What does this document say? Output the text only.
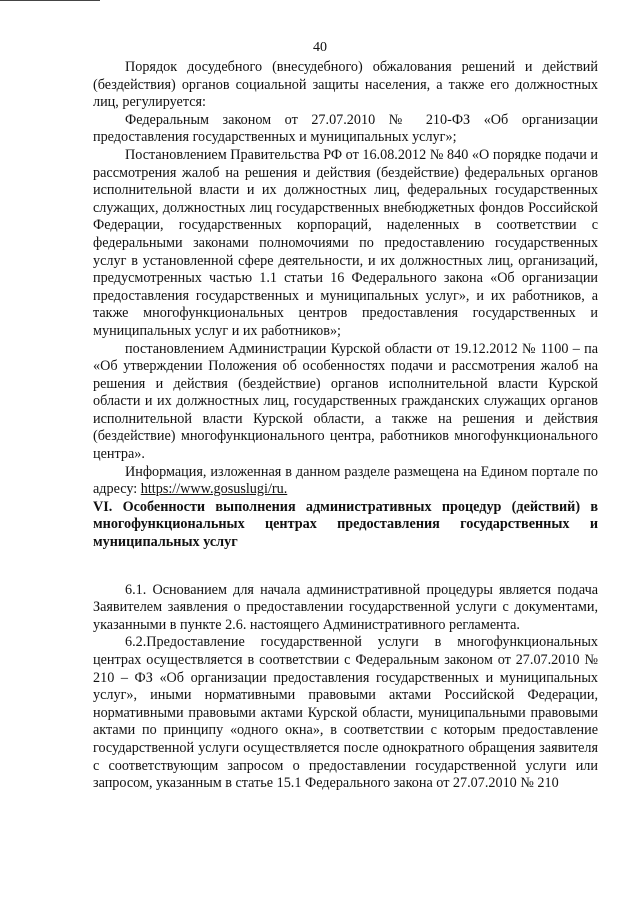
40

Порядок досудебного (внесудебного) обжалования решений и действий (бездействия) органов социальной защиты населения, а также его должностных лиц, регулируется:

Федеральным законом от 27.07.2010 № 210-ФЗ «Об организации предоставления государственных и муниципальных услуг»;

Постановлением Правительства РФ от 16.08.2012 № 840 «О порядке подачи и рассмотрения жалоб на решения и действия (бездействие) федеральных органов исполнительной власти и их должностных лиц, федеральных государственных служащих, должностных лиц государственных внебюджетных фондов Российской Федерации, государственных корпораций, наделенных в соответствии с федеральными законами полномочиями по предоставлению государственных услуг в установленной сфере деятельности, и их должностных лиц, организаций, предусмотренных частью 1.1 статьи 16 Федерального закона «Об организации предоставления государственных и муниципальных услуг», и их работников, а также многофункциональных центров предоставления государственных и муниципальных услуг и их работников»;

постановлением Администрации Курской области от 19.12.2012 № 1100 – па «Об утверждении Положения об особенностях подачи и рассмотрения жалоб на решения и действия (бездействие) органов исполнительной власти Курской области и их должностных лиц, государственных гражданских служащих органов исполнительной власти Курской области, а также на решения и действия (бездействие) многофункционального центра, работников многофункционального центра».

Информация, изложенная в данном разделе размещена на Едином портале по адресу: https://www.gosuslugi/ru.

VI. Особенности выполнения административных процедур (действий) в многофункциональных центрах предоставления государственных и муниципальных услуг

6.1. Основанием для начала административной процедуры является подача Заявителем заявления о предоставлении государственной услуги с документами, указанными в пункте 2.6. настоящего Административного регламента.

6.2.Предоставление государственной услуги в многофункциональных центрах осуществляется в соответствии с Федеральным законом от 27.07.2010 № 210 – ФЗ «Об организации предоставления государственных и муниципальных услуг», иными нормативными правовыми актами Российской Федерации, нормативными правовыми актами Курской области, муниципальными правовыми актами по принципу «одного окна», в соответствии с которым предоставление государственной услуги осуществляется после однократного обращения заявителя с соответствующим запросом о предоставлении государственной услуги или запросом, указанным в статье 15.1 Федерального закона от 27.07.2010 № 210
